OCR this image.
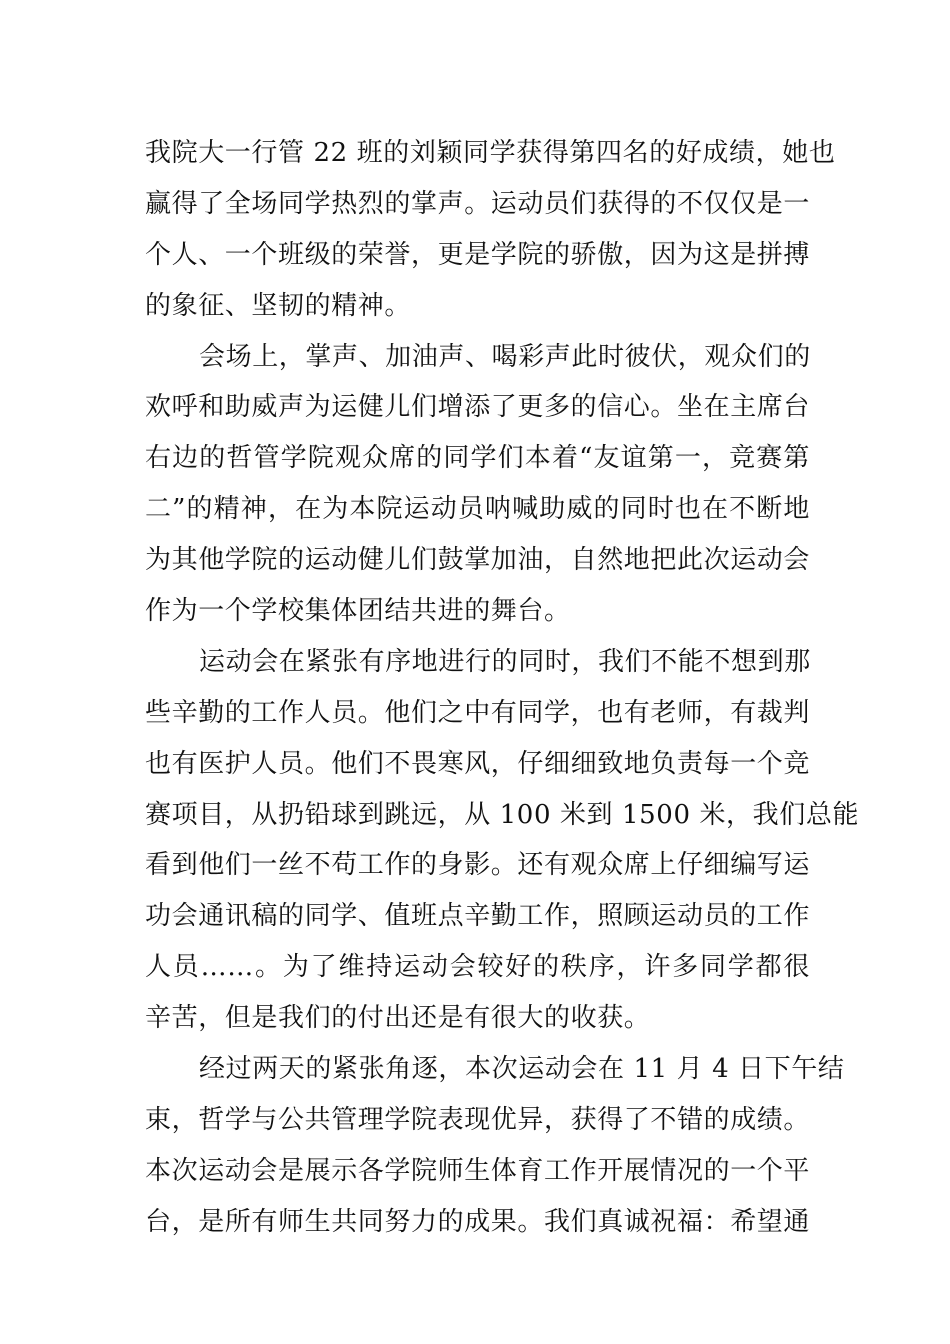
我院大一行管 22 班的刘颖同学获得第四名的好成绩，她也
赢得了全场同学热烈的掌声。运动员们获得的不仅仅是一
个人、一个班级的荣誉，更是学院的骄傲，因为这是拼搏
的象征、坚韧的精神。
会场上，掌声、加油声、喝彩声此时彼伏，观众们的
欢呼和助威声为运健儿们增添了更多的信心。坐在主席台
右边的哲管学院观众席的同学们本着“友谊第一，竞赛第
二”的精神，在为本院运动员呐喊助威的同时也在不断地
为其他学院的运动健儿们鼓掌加油，自然地把此次运动会
作为一个学校集体团结共进的舞台。
运动会在紧张有序地进行的同时，我们不能不想到那
些辛勤的工作人员。他们之中有同学，也有老师，有裁判
也有医护人员。他们不畏寒风，仔细细致地负责每一个竞
赛项目，从扔铅球到跳远，从 100 米到 1500 米，我们总能
看到他们一丝不苟工作的身影。还有观众席上仔细编写运
功会通讯稿的同学、值班点辛勤工作，照顾运动员的工作
人员……。为了维持运动会较好的秩序，许多同学都很
辛苦，但是我们的付出还是有很大的收获。
经过两天的紧张角逐，本次运动会在 11 月 4 日下午结
束，哲学与公共管理学院表现优异，获得了不错的成绩。
本次运动会是展示各学院师生体育工作开展情况的一个平
台，是所有师生共同努力的成果。我们真诚祝福：希望通
